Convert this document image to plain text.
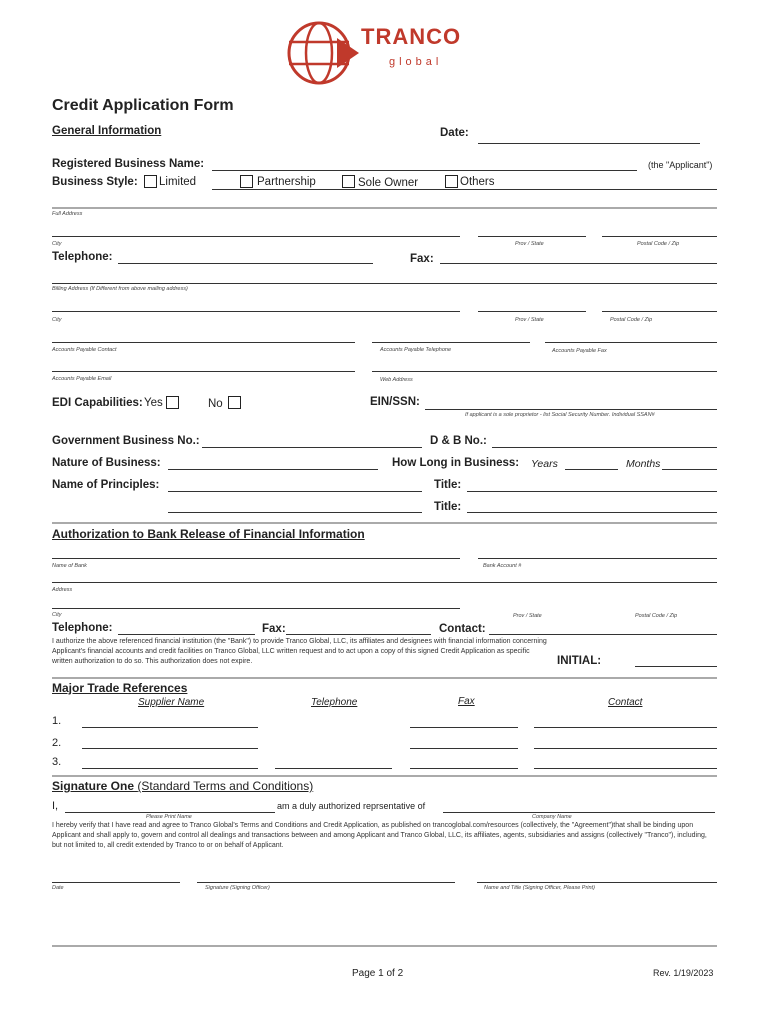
TRANCO
global
Credit Application Form
General Information	Date:
Registered Business Name:	(the "Applicant")
Business Style: Limited	Partnership	Sole Owner	Others
Full Address
City	Prov / State	Postal Code / Zip
Telephone:	Fax:
Billing Address (If Different from above mailing address)
City	Prov / State	Postal Code / Zip
Accounts Payable Contact	Accounts Payable Telephone	Accounts Payable Fax
Accounts Payable Email	Web Address
EDI Capabilities: Yes	No	EIN/SSN:
If applicant is a sole proprietor - list Social Security Number. Individual SSAN#
Government Business No.:	D & B No.:
Nature of Business:	How Long in Business: Years	Months
Name of Principles:	Title:
Title:
Authorization to Bank Release of Financial Information
Name of Bank	Bank Account #
Address
City	Prov / State	Postal Code / Zip
Telephone:	Fax:	Contact:
I authorize the above referenced financial institution (the "Bank") to provide Tranco Global, LLC, its affiliates and designees with financial information concerning Applicant's financial accounts and credit facilities on Tranco Global, LLC written request and to act upon a copy of this signed Credit Application as specific written authorization to do so. This authorization does not expire.	INITIAL:
Major Trade References
Supplier Name	Telephone	Fax	Contact
1.
2.
3.
Signature One (Standard Terms and Conditions)
I,	am a duly authorized reprsentative of
Please Print Name	Company Name
I hereby verify that I have read and agree to Tranco Global's Terms and Conditions and Credit Application, as published on trancoglobal.com/resources (collectively, the "Agreement")that shall be binding upon Applicant and shall apply to, govern and control all dealings and transactions between and among Applicant and Tranco Global, LLC, its affiliates, agents, subsidiaries and assigns (collectively "Tranco"), including, but not limited to, all credit extended by Tranco to or on behalf of Applicant.
Date	Signature (Signing Officer)	Name and Title (Signing Officer, Please Print)
Page 1 of 2	Rev. 1/19/2023
